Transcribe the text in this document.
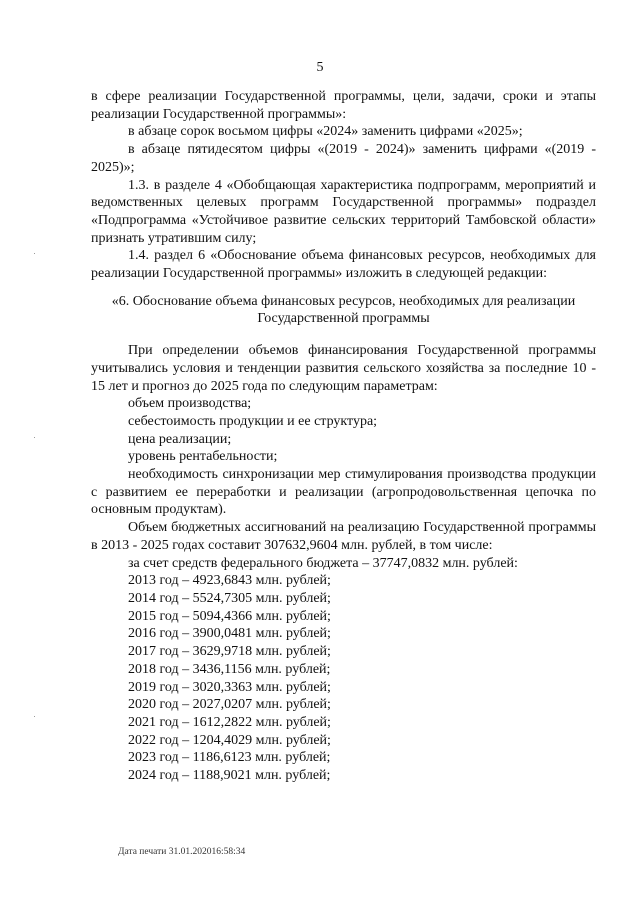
5

в сфере реализации Государственной программы, цели, задачи, сроки и этапы реализации Государственной программы»:

в абзаце сорок восьмом цифры «2024» заменить цифрами «2025»;

в абзаце пятидесятом цифры «(2019 - 2024)» заменить цифрами «(2019 - 2025)»;

1.3. в разделе 4 «Обобщающая характеристика подпрограмм, мероприятий и ведомственных целевых программ Государственной программы» подраздел «Подпрограмма «Устойчивое развитие сельских территорий Тамбовской области» признать утратившим силу;

1.4. раздел 6 «Обоснование объема финансовых ресурсов, необходимых для реализации Государственной программы» изложить в следующей редакции:

«6. Обоснование объема финансовых ресурсов, необходимых для реализации Государственной программы

При определении объемов финансирования Государственной программы учитывались условия и тенденции развития сельского хозяйства за последние 10 - 15 лет и прогноз до 2025 года по следующим параметрам:

объем производства;

себестоимость продукции и ее структура;

цена реализации;

уровень рентабельности;

необходимость синхронизации мер стимулирования производства продукции с развитием ее переработки и реализации (агропродовольственная цепочка по основным продуктам).

Объем бюджетных ассигнований на реализацию Государственной программы в 2013 - 2025 годах составит 307632,9604 млн. рублей, в том числе:

за счет средств федерального бюджета – 37747,0832 млн. рублей:

2013 год – 4923,6843 млн. рублей;

2014 год – 5524,7305 млн. рублей;

2015 год – 5094,4366 млн. рублей;

2016 год – 3900,0481 млн. рублей;

2017 год – 3629,9718 млн. рублей;

2018 год – 3436,1156 млн. рублей;

2019 год – 3020,3363 млн. рублей;

2020 год – 2027,0207 млн. рублей;

2021 год – 1612,2822 млн. рублей;

2022 год – 1204,4029 млн. рублей;

2023 год – 1186,6123 млн. рублей;

2024 год – 1188,9021 млн. рублей;

Дата печати 31.01.202016:58:34
